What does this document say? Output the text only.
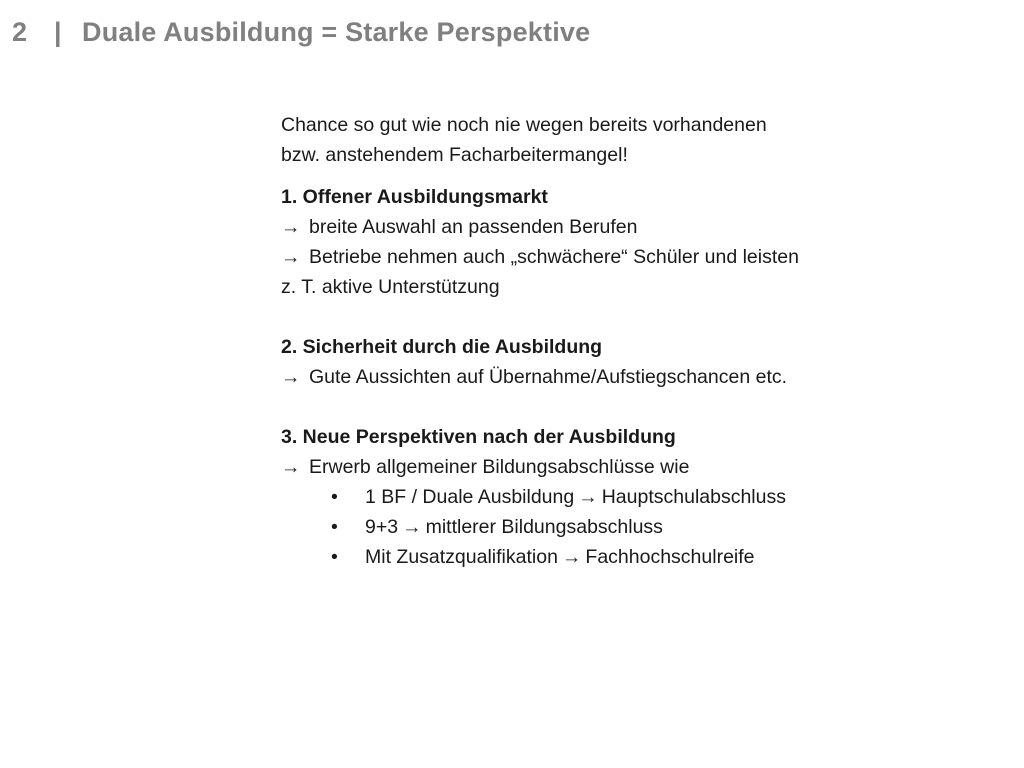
2 | Duale Ausbildung = Starke Perspektive

Chance so gut wie noch nie wegen bereits vorhandenen

bzw. anstehendem Facharbeitermangel!

1. Offener Ausbildungsmarkt
→ breite Auswahl an passenden Berufen
→ Betriebe nehmen auch „schwächere“ Schüler und leisten
z. T. aktive Unterstützung
2. Sicherheit durch die Ausbildung
→ Gute Aussichten auf Übernahme/Aufstiegschancen etc.
3. Neue Perspektiven nach der Ausbildung
→ Erwerb allgemeiner Bildungsabschlüsse wie
•	1 BF / Duale Ausbildung → Hauptschulabschluss
•	9+3 → mittlerer Bildungsabschluss
•	Mit Zusatzqualifikation → Fachhochschulreife
